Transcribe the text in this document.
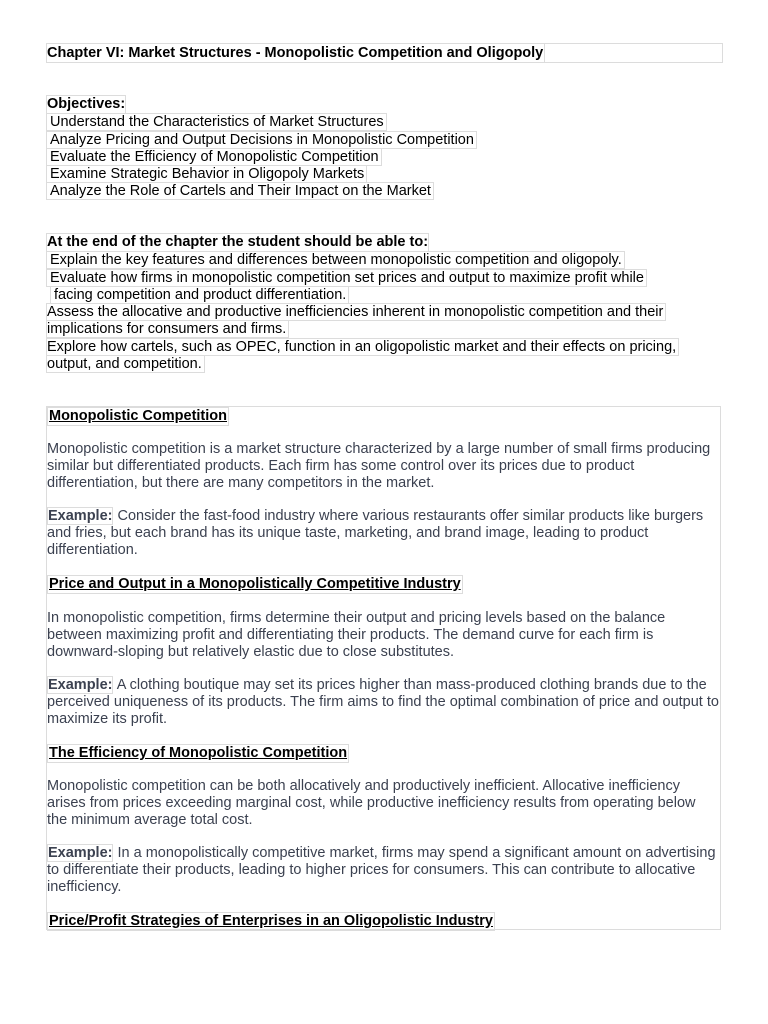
Chapter VI: Market Structures - Monopolistic Competition and Oligopoly
Objectives:
Understand the Characteristics of Market Structures
Analyze Pricing and Output Decisions in Monopolistic Competition
Evaluate the Efficiency of Monopolistic Competition
Examine Strategic Behavior in Oligopoly Markets
Analyze the Role of Cartels and Their Impact on the Market
At the end of the chapter the student should be able to:
Explain the key features and differences between monopolistic competition and oligopoly.
Evaluate how firms in monopolistic competition set prices and output to maximize profit while
facing competition and product differentiation.
Assess the allocative and productive inefficiencies inherent in monopolistic competition and their
implications for consumers and firms.
Explore how cartels, such as OPEC, function in an oligopolistic market and their effects on pricing,
output, and competition.
Monopolistic Competition
Monopolistic competition is a market structure characterized by a large number of small firms producing similar but differentiated products. Each firm has some control over its prices due to product differentiation, but there are many competitors in the market.
Example: Consider the fast-food industry where various restaurants offer similar products like burgers and fries, but each brand has its unique taste, marketing, and brand image, leading to product differentiation.
Price and Output in a Monopolistically Competitive Industry
In monopolistic competition, firms determine their output and pricing levels based on the balance between maximizing profit and differentiating their products. The demand curve for each firm is downward-sloping but relatively elastic due to close substitutes.
Example: A clothing boutique may set its prices higher than mass-produced clothing brands due to the perceived uniqueness of its products. The firm aims to find the optimal combination of price and output to maximize its profit.
The Efficiency of Monopolistic Competition
Monopolistic competition can be both allocatively and productively inefficient. Allocative inefficiency arises from prices exceeding marginal cost, while productive inefficiency results from operating below the minimum average total cost.
Example: In a monopolistically competitive market, firms may spend a significant amount on advertising to differentiate their products, leading to higher prices for consumers. This can contribute to allocative inefficiency.
Price/Profit Strategies of Enterprises in an Oligopolistic Industry
